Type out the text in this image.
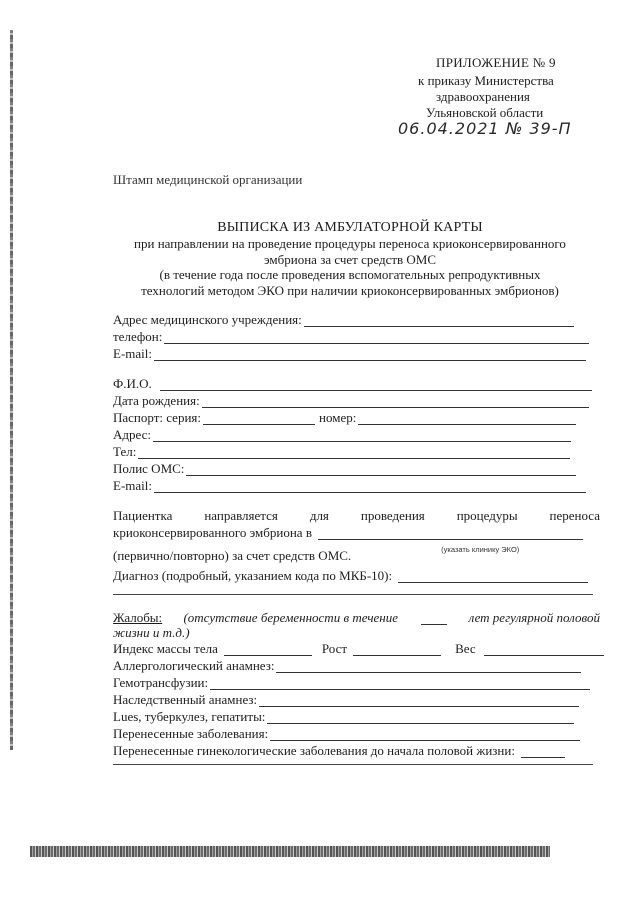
ПРИЛОЖЕНИЕ № 9
к приказу Министерства
здравоохранения
Ульяновской области
06.04.2021 № 39-П
Штамп медицинской организации
ВЫПИСКА ИЗ АМБУЛАТОРНОЙ КАРТЫ
при направлении на проведение процедуры переноса криоконсервированного
эмбриона за счет средств ОМС
(в течение года после проведения вспомогательных репродуктивных
технологий методом ЭКО при наличии криоконсервированных эмбрионов)
Адрес медицинского учреждения:
телефон:
E-mail:
Ф.И.О.
Дата рождения:
Паспорт: серия:	номер:
Адрес:
Тел:
Полис ОМС:
E-mail:
Пациентка направляется для проведения процедуры переноса
криоконсервированного эмбриона в
(первично/повторно) за счет средств ОМС.	(указать клинику ЭКО)
Диагноз (подробный, указанием кода по МКБ-10):
Жалобы: (отсутствие беременности в течение	лет регулярной половой
жизни и т.д.)
Индекс массы тела	Рост	Вес
Аллергологический анамнез:
Гемотрансфузии:
Наследственный анамнез:
Lues, туберкулез, гепатиты:
Перенесенные заболевания:
Перенесенные гинекологические заболевания до начала половой жизни:
